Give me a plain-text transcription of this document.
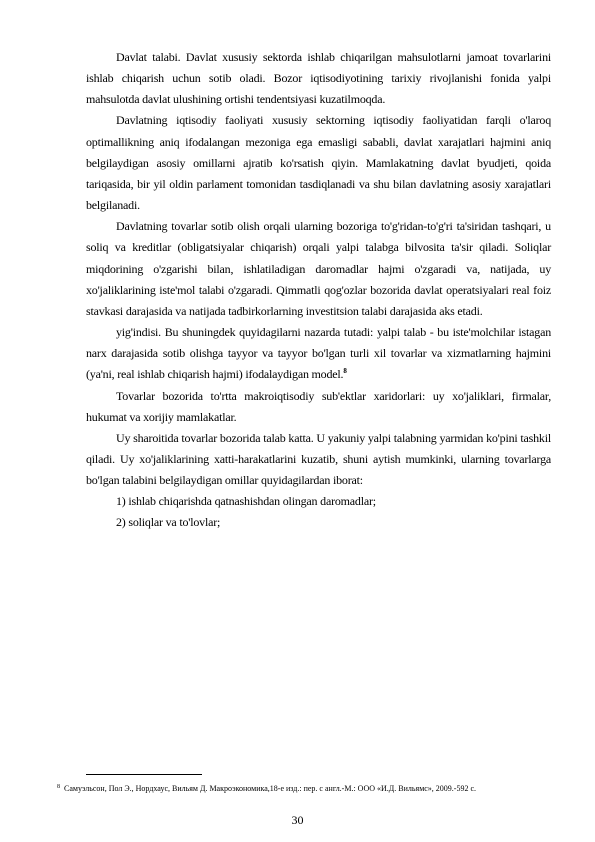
Davlat talabi. Davlat xususiy sektorda ishlab chiqarilgan mahsulotlarni jamoat tovarlarini ishlab chiqarish uchun sotib oladi. Bozor iqtisodiyotining tarixiy rivojlanishi fonida yalpi mahsulotda davlat ulushining ortishi tendentsiyasi kuzatilmoqda.

Davlatning iqtisodiy faoliyati xususiy sektorning iqtisodiy faoliyatidan farqli o'laroq optimallikning aniq ifodalangan mezoniga ega emasligi sababli, davlat xarajatlari hajmini aniq belgilaydigan asosiy omillarni ajratib ko'rsatish qiyin. Mamlakatning davlat byudjeti, qoida tariqasida, bir yil oldin parlament tomonidan tasdiqlanadi va shu bilan davlatning asosiy xarajatlari belgilanadi.

Davlatning tovarlar sotib olish orqali ularning bozoriga to'g'ridan-to'g'ri ta'siridan tashqari, u soliq va kreditlar (obligatsiyalar chiqarish) orqali yalpi talabga bilvosita ta'sir qiladi. Soliqlar miqdorining o'zgarishi bilan, ishlatiladigan daromadlar hajmi o'zgaradi va, natijada, uy xo'jaliklarining iste'mol talabi o'zgaradi. Qimmatli qog'ozlar bozorida davlat operatsiyalari real foiz stavkasi darajasida va natijada tadbirkorlarning investitsion talabi darajasida aks etadi.

yig'indisi. Bu shuningdek quyidagilarni nazarda tutadi: yalpi talab - bu iste'molchilar istagan narx darajasida sotib olishga tayyor va tayyor bo'lgan turli xil tovarlar va xizmatlarning hajmini (ya'ni, real ishlab chiqarish hajmi) ifodalaydigan model.$^8$

Tovarlar bozorida to'rtta makroiqtisodiy sub'ektlar xaridorlari: uy xo'jaliklari, firmalar, hukumat va xorijiy mamlakatlar.

Uy sharoitida tovarlar bozorida talab katta. U yakuniy yalpi talabning yarmidan ko'pini tashkil qiladi. Uy xo'jaliklarining xatti-harakatlarini kuzatib, shuni aytish mumkinki, ularning tovarlarga bo'lgan talabini belgilaydigan omillar quyidagilardan iborat:

1) ishlab chiqarishda qatnashishdan olingan daromadlar;

2) soliqlar va to'lovlar;

$^8$ Самуэльсон, Пол Э., Нордхаус, Вильям Д. Макроэкономика,18-е изд.: пер. с англ.-М.: ООО «И.Д. Вильямс», 2009.-592 с.
30
